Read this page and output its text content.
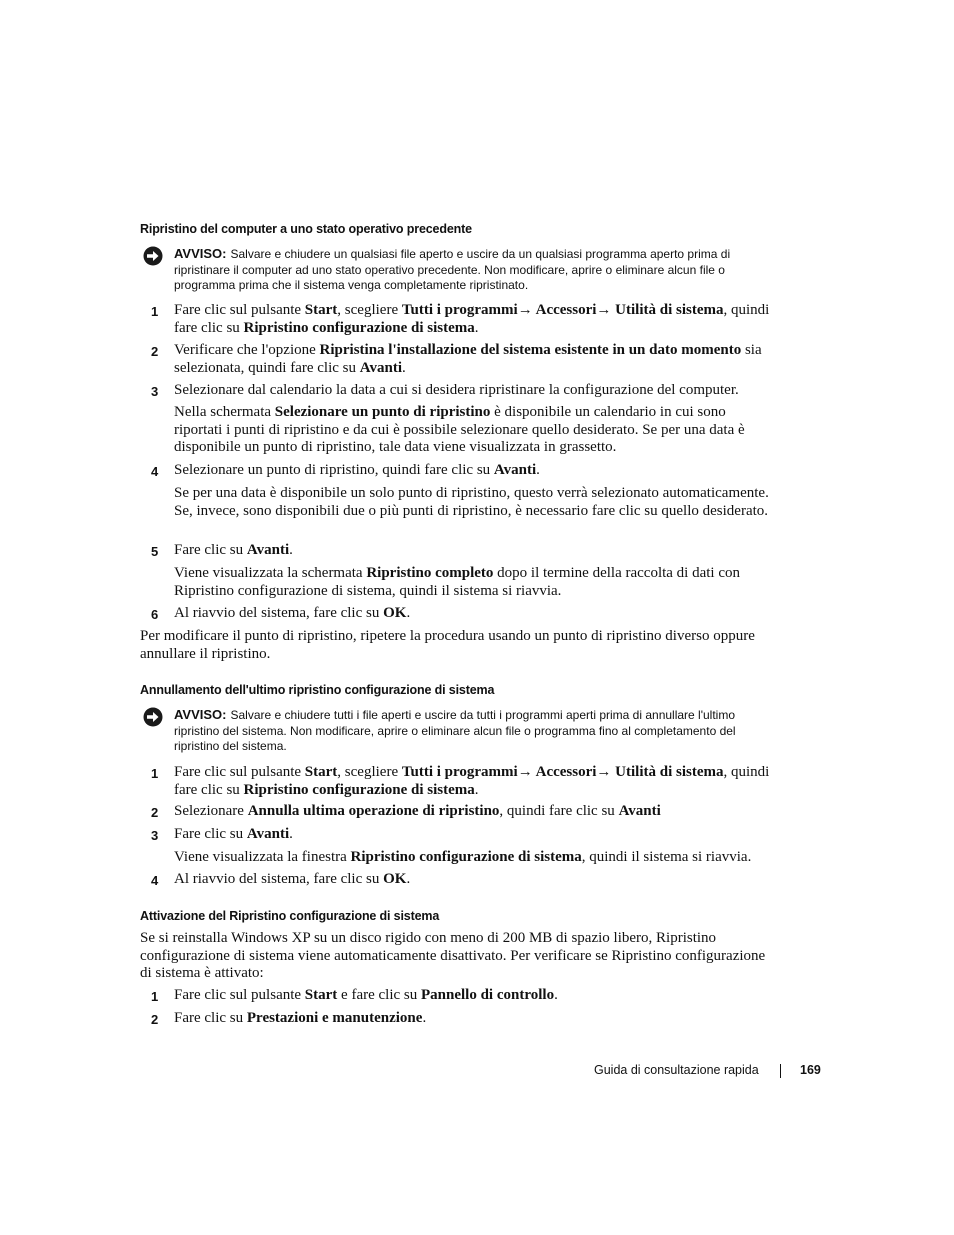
Ripristino del computer a uno stato operativo precedente
AVVISO: Salvare e chiudere un qualsiasi file aperto e uscire da un qualsiasi programma aperto prima di ripristinare il computer ad uno stato operativo precedente. Non modificare, aprire o eliminare alcun file o programma prima che il sistema venga completamente ripristinato.
1 Fare clic sul pulsante Start, scegliere Tutti i programmi→ Accessori→ Utilità di sistema, quindi fare clic su Ripristino configurazione di sistema.
2 Verificare che l'opzione Ripristina l'installazione del sistema esistente in un dato momento sia selezionata, quindi fare clic su Avanti.
3 Selezionare dal calendario la data a cui si desidera ripristinare la configurazione del computer.

Nella schermata Selezionare un punto di ripristino è disponibile un calendario in cui sono riportati i punti di ripristino e da cui è possibile selezionare quello desiderato. Se per una data è disponibile un punto di ripristino, tale data viene visualizzata in grassetto.

4 Selezionare un punto di ripristino, quindi fare clic su Avanti.

Se per una data è disponibile un solo punto di ripristino, questo verrà selezionato automaticamente. Se, invece, sono disponibili due o più punti di ripristino, è necessario fare clic su quello desiderato.

5 Fare clic su Avanti.

Viene visualizzata la schermata Ripristino completo dopo il termine della raccolta di dati con Ripristino configurazione di sistema, quindi il sistema si riavvia.

6 Al riavvio del sistema, fare clic su OK.

Per modificare il punto di ripristino, ripetere la procedura usando un punto di ripristino diverso oppure annullare il ripristino.

Annullamento dell'ultimo ripristino configurazione di sistema
AVVISO: Salvare e chiudere tutti i file aperti e uscire da tutti i programmi aperti prima di annullare l'ultimo ripristino del sistema. Non modificare, aprire o eliminare alcun file o programma fino al completamento del ripristino del sistema.
1 Fare clic sul pulsante Start, scegliere Tutti i programmi→ Accessori→ Utilità di sistema, quindi fare clic su Ripristino configurazione di sistema.
2 Selezionare Annulla ultima operazione di ripristino, quindi fare clic su Avanti
3 Fare clic su Avanti.

Viene visualizzata la finestra Ripristino configurazione di sistema, quindi il sistema si riavvia.

4 Al riavvio del sistema, fare clic su OK.
Attivazione del Ripristino configurazione di sistema

Se si reinstalla Windows XP su un disco rigido con meno di 200 MB di spazio libero, Ripristino configurazione di sistema viene automaticamente disattivato. Per verificare se Ripristino configurazione di sistema è attivato:

1 Fare clic sul pulsante Start e fare clic su Pannello di controllo.
2 Fare clic su Prestazioni e manutenzione.
Guida di consultazione rapida	169
